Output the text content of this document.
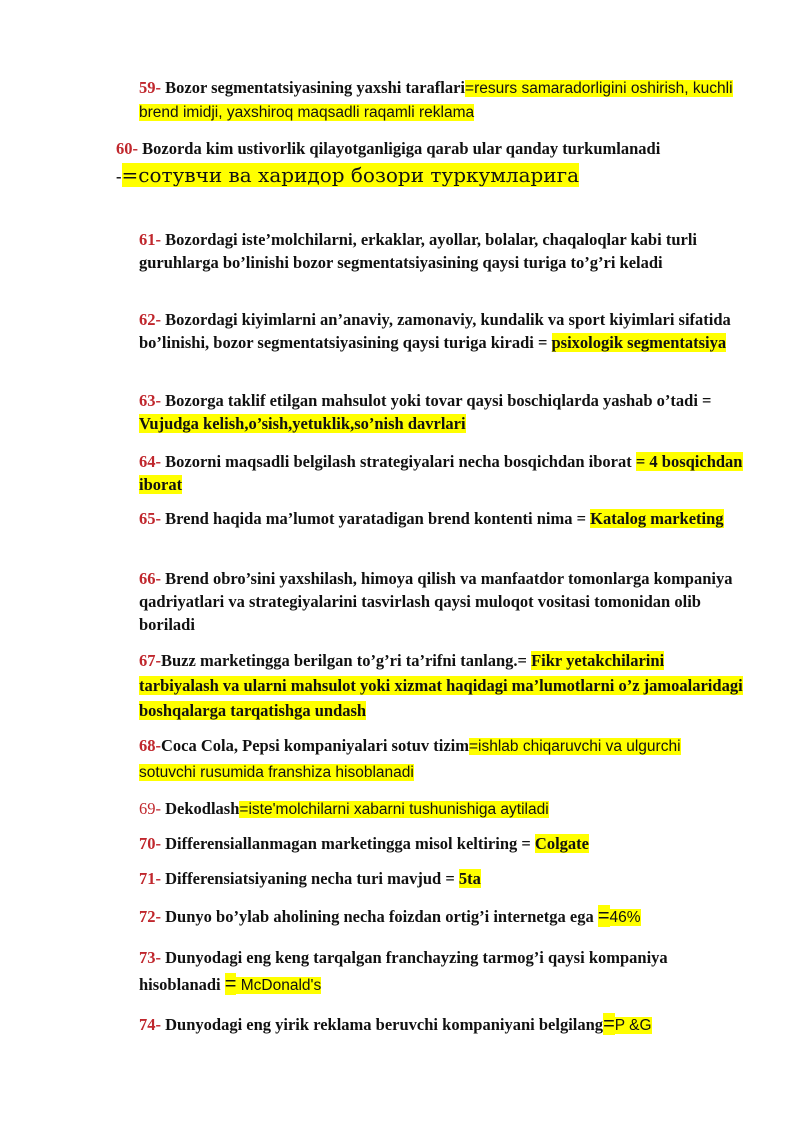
59- Bozor segmentatsiyasining yaxshi taraflari=resurs samaradorligini oshirish, kuchli brend imidji, yaxshiroq maqsadli raqamli reklama

60- Bozorda kim ustivorlik qilayotganligiga qarab ular qanday turkumlanadi
-=сотувчи ва харидор бозори туркумларига

61- Bozordagi iste’molchilarni, erkaklar, ayollar, bolalar, chaqaloqlar kabi turli guruhlarga bo’linishi bozor segmentatsiyasining qaysi turiga to’g’ri keladi

62- Bozordagi kiyimlarni an’anaviy, zamonaviy, kundalik va sport kiyimlari sifatida bo’linishi, bozor segmentatsiyasining qaysi turiga kiradi = psixologik segmentatsiya

63- Bozorga taklif etilgan mahsulot yoki tovar qaysi boschiqlarda yashab o’tadi = Vujudga kelish,o’sish,yetuklik,so’nish davrlari

64- Bozorni maqsadli belgilash strategiyalari necha bosqichdan iborat = 4 bosqichdan iborat

65- Brend haqida ma’lumot yaratadigan brend kontenti nima = Katalog marketing

66- Brend obro’sini yaxshilash, himoya qilish va manfaatdor tomonlarga kompaniya qadriyatlari va strategiyalarini tasvirlash qaysi muloqot vositasi tomonidan olib boriladi

67-Buzz marketingga berilgan to’g’ri ta’rifni tanlang.= Fikr yetakchilarini tarbiyalash va ularni mahsulot yoki xizmat haqidagi ma’lumotlarni o’z jamoalaridagi boshqalarga tarqatishga undash

68-Coca Cola, Pepsi kompaniyalari sotuv tizim=ishlab chiqaruvchi va ulgurchi sotuvchi rusumida franshiza hisoblanadi

69- Dekodlash=iste'molchilarni xabarni tushunishiga aytiladi

70- Differensiallanmagan marketingga misol keltiring = Colgate

71- Differensiatsiyaning necha turi mavjud = 5ta

72- Dunyo bo’ylab aholining necha foizdan ortig’i internetga ega =46%

73- Dunyodagi eng keng tarqalgan franchayzing tarmog’i qaysi kompaniya hisoblanadi = McDonald's

74- Dunyodagi eng yirik reklama beruvchi kompaniyani belgilang=P &G
